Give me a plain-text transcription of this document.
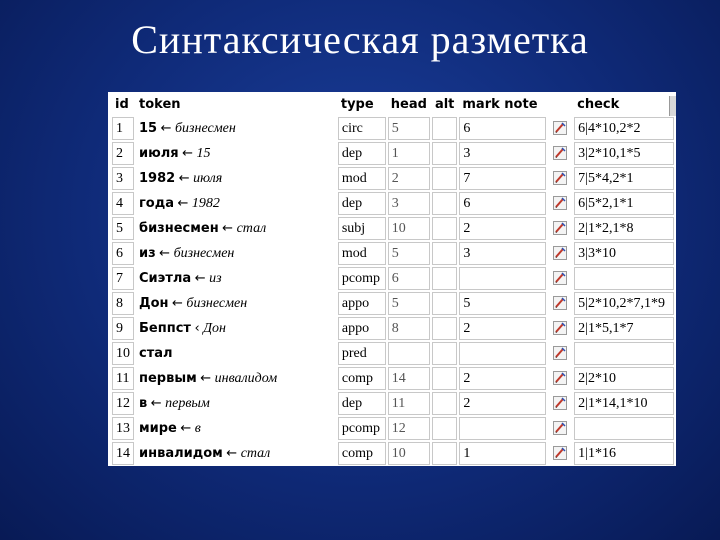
Синтаксическая разметка
id	token	type	head	alt	mark note		check
1	15 ← бизнесмен	circ	5		6		6|4*10,2*2
2	июля ← 15	dep	1		3		3|2*10,1*5
3	1982 ← июля	mod	2		7		7|5*4,2*1
4	года ← 1982	dep	3		6		6|5*2,1*1
5	бизнесмен ← стал	subj	10		2		2|1*2,1*8
6	из ← бизнесмен	mod	5		3		3|3*10
7	Сиэтла ← из	pcomp	6				
8	Дон ← бизнесмен	appo	5		5		5|2*10,2*7,1*9
9	Беппст ‹ Дон	appo	8		2		2|1*5,1*7
10	стал	pred					
11	первым ← инвалидом	comp	14		2		2|2*10
12	в ← первым	dep	11		2		2|1*14,1*10
13	мире ← в	pcomp	12				
14	инвалидом ← стал	comp	10		1		1|1*16
